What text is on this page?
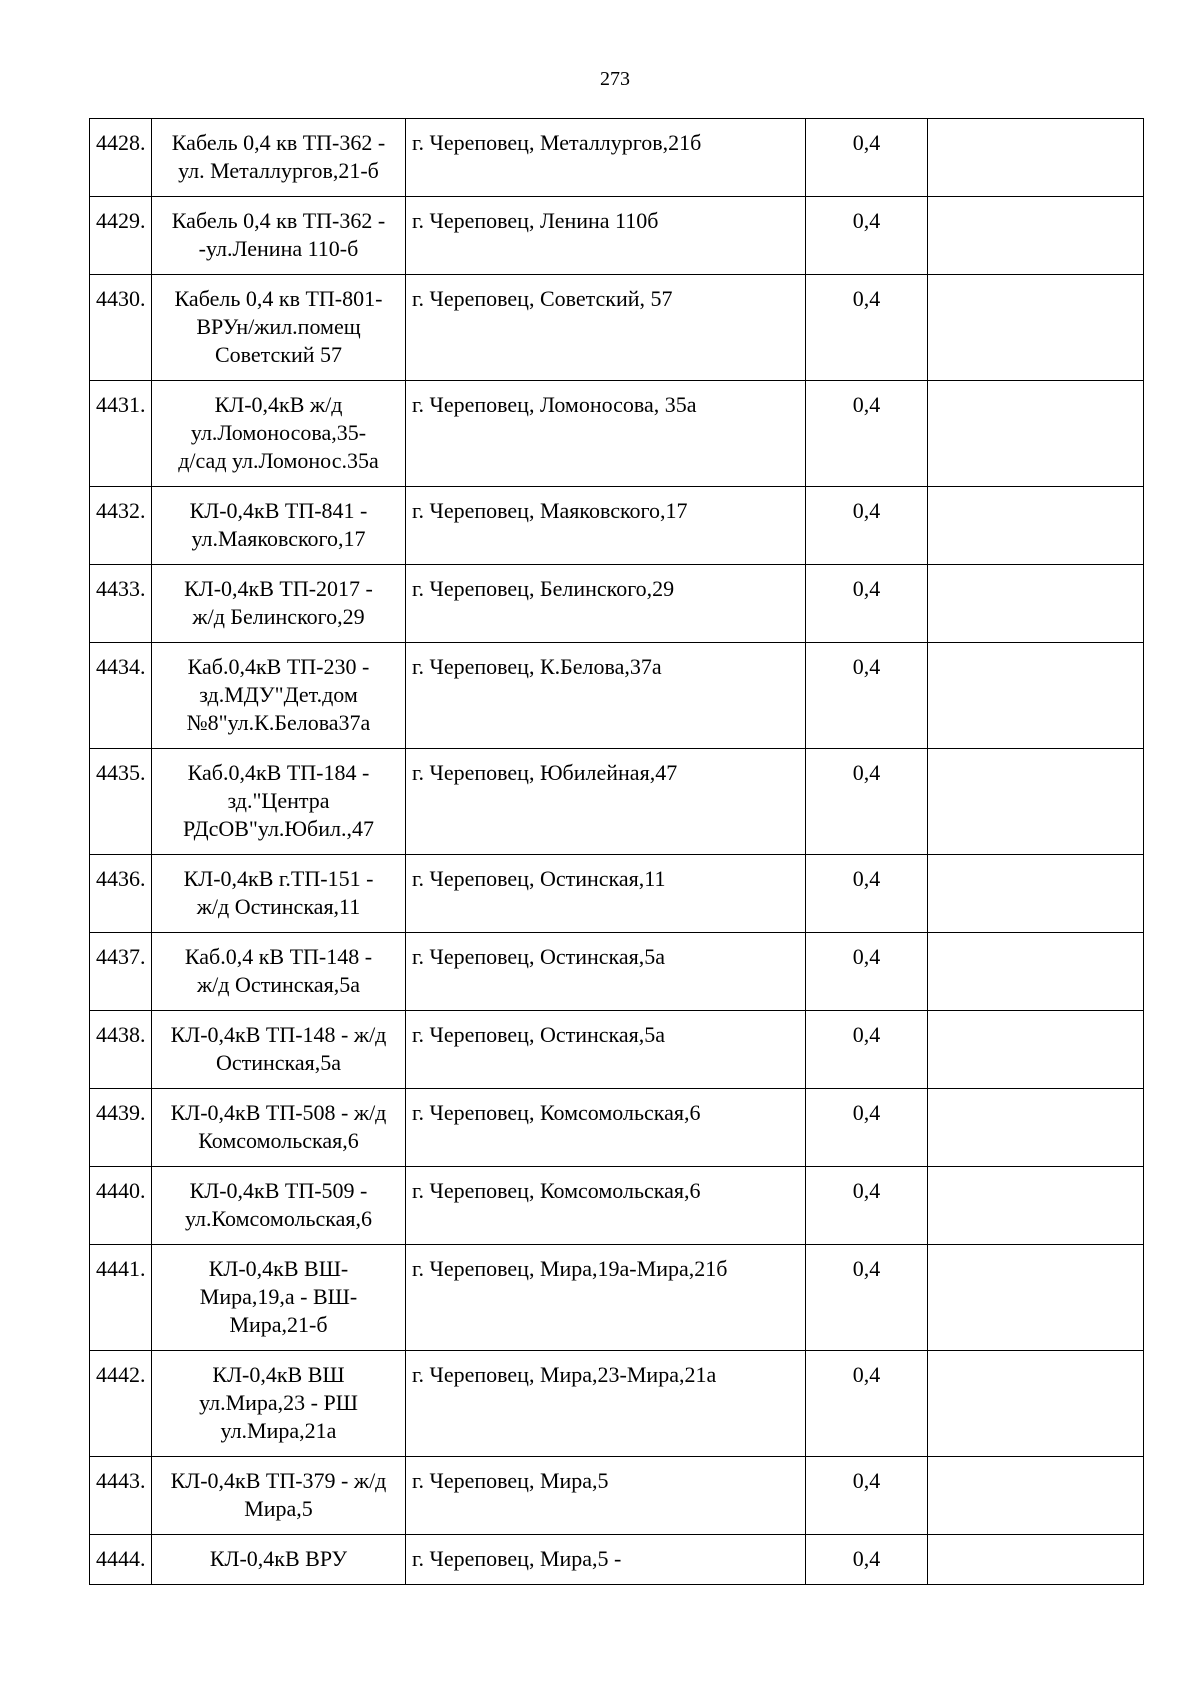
273
4428.	Кабель 0,4 кв ТП-362 -
ул. Металлургов,21-б	г. Череповец, Металлургов,21б	0,4	
4429.	Кабель 0,4 кв ТП-362 -
-ул.Ленина 110-б	г. Череповец, Ленина 110б	0,4	
4430.	Кабель 0,4 кв ТП-801-
ВРУн/жил.помещ
Советский 57	г. Череповец, Советский, 57	0,4	
4431.	КЛ-0,4кВ ж/д
ул.Ломоносова,35-
д/сад ул.Ломонос.35а	г. Череповец, Ломоносова, 35а	0,4	
4432.	КЛ-0,4кВ ТП-841 -
ул.Маяковского,17	г. Череповец, Маяковского,17	0,4	
4433.	КЛ-0,4кВ ТП-2017 -
ж/д Белинского,29	г. Череповец, Белинского,29	0,4	
4434.	Каб.0,4кВ ТП-230 -
зд.МДУ"Дет.дом
№8"ул.К.Белова37а	г. Череповец, К.Белова,37а	0,4	
4435.	Каб.0,4кВ ТП-184 -
зд."Центра
РДсОВ"ул.Юбил.,47	г. Череповец, Юбилейная,47	0,4	
4436.	КЛ-0,4кВ г.ТП-151 -
ж/д Остинская,11	г. Череповец, Остинская,11	0,4	
4437.	Каб.0,4 кВ ТП-148 -
ж/д Остинская,5а	г. Череповец, Остинская,5а	0,4	
4438.	КЛ-0,4кВ ТП-148 - ж/д
Остинская,5а	г. Череповец, Остинская,5а	0,4	
4439.	КЛ-0,4кВ ТП-508 - ж/д
Комсомольская,6	г. Череповец, Комсомольская,6	0,4	
4440.	КЛ-0,4кВ ТП-509 -
ул.Комсомольская,6	г. Череповец, Комсомольская,6	0,4	
4441.	КЛ-0,4кВ ВШ-
Мира,19,а - ВШ-
Мира,21-б	г. Череповец, Мира,19а-Мира,21б	0,4	
4442.	КЛ-0,4кВ ВШ
ул.Мира,23 - РШ
ул.Мира,21а	г. Череповец, Мира,23-Мира,21а	0,4	
4443.	КЛ-0,4кВ ТП-379 - ж/д
Мира,5	г. Череповец, Мира,5	0,4	
4444.	КЛ-0,4кВ ВРУ	г. Череповец, Мира,5 -	0,4	
